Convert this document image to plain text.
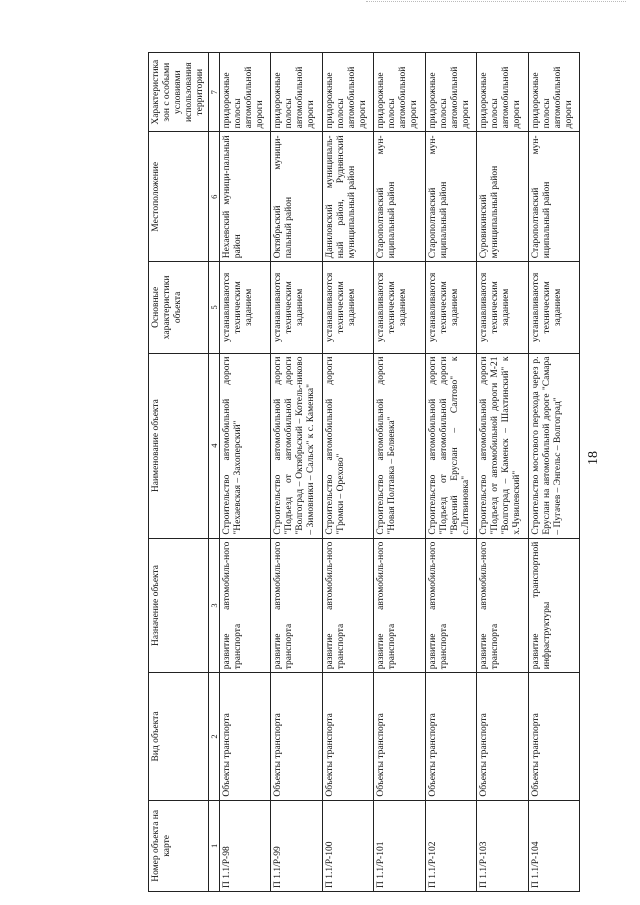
18
Номер объекта на карте	Вид объекта	Назначение объекта	Наименование объекта	Основные характеристики объекта	Местоположение	Характеристика зон с особыми условиями использования территории
1	2	3	4	5	6	7
П 1.1/Р-98	Объекты транспорта	развитие автомобиль-ного транспорта	Строительство автомобильной дороги "Нехаевская – Захоперский"	устанавливаются техническим заданием	Нехаевский муници-пальный район	придорожные полосы автомобильной дороги
П 1.1/Р-99	Объекты транспорта	развитие автомобиль-ного транспорта	Строительство автомобильной дороги "Подъезд от автомобильной дороги "Волгоград – Октябрьский – Котель-никово – Зимовники – Сальск" к с. Каменка"	устанавливаются техническим заданием	Октябрьский муници-пальный район	придорожные полосы автомобильной дороги
П 1.1/Р-100	Объекты транспорта	развитие автомобиль-ного транспорта	Строительство автомобильной дороги "Громки – Орехово"	устанавливаются техническим заданием	Даниловский муниципаль-ный район, Руднянский муниципальный район	придорожные полосы автомобильной дороги
П 1.1/Р-101	Объекты транспорта	развитие автомобиль-ного транспорта	Строительство автомобильной дороги "Новая Полтавка – Беляевка"	устанавливаются техническим заданием	Старополтавский мун-иципальный район	придорожные полосы автомобильной дороги
П 1.1/Р-102	Объекты транспорта	развитие автомобиль-ного транспорта	Строительство автомобильной дороги "Подъезд от автомобильной дороги "Верхний Еруслан – Салтово" к с.Литвиновка"	устанавливаются техническим заданием	Старополтавский мун-иципальный район	придорожные полосы автомобильной дороги
П 1.1/Р-103	Объекты транспорта	развитие автомобиль-ного транспорта	Строительство автомобильной дороги "Подъезд от автомобильной дороги М-21 "Волгоград – Каменск – Шахтинский" к х.Чувилевский"	устанавливаются техническим заданием	Суровикинский муниципальный район	придорожные полосы автомобильной дороги
П 1.1/Р-104	Объекты транспорта	развитие транспортной инфраструктуры	Строительство мостового перехода через р. Еруслан на автомобильной дороге "Самара – Пугачев – Энгельс – Волгоград"	устанавливаются техническим заданием	Старополтавский мун-иципальный район	придорожные полосы автомобильной дороги
